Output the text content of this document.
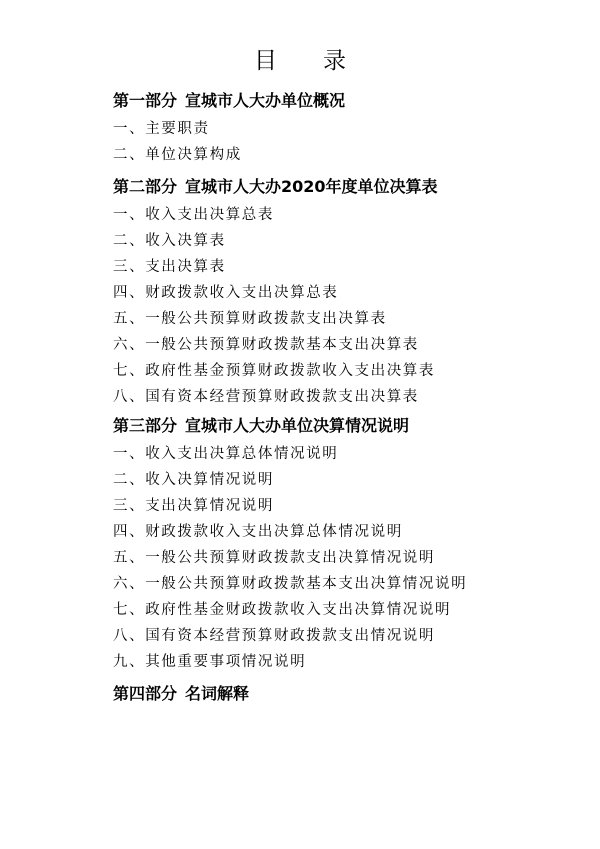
目录
第一部分 宣城市人大办单位概况
一、主要职责
二、单位决算构成
第二部分 宣城市人大办2020年度单位决算表
一、收入支出决算总表
二、收入决算表
三、支出决算表
四、财政拨款收入支出决算总表
五、一般公共预算财政拨款支出决算表
六、一般公共预算财政拨款基本支出决算表
七、政府性基金预算财政拨款收入支出决算表
八、国有资本经营预算财政拨款支出决算表
第三部分 宣城市人大办单位决算情况说明
一、收入支出决算总体情况说明
二、收入决算情况说明
三、支出决算情况说明
四、财政拨款收入支出决算总体情况说明
五、一般公共预算财政拨款支出决算情况说明
六、一般公共预算财政拨款基本支出决算情况说明
七、政府性基金财政拨款收入支出决算情况说明
八、国有资本经营预算财政拨款支出情况说明
九、其他重要事项情况说明
第四部分 名词解释
